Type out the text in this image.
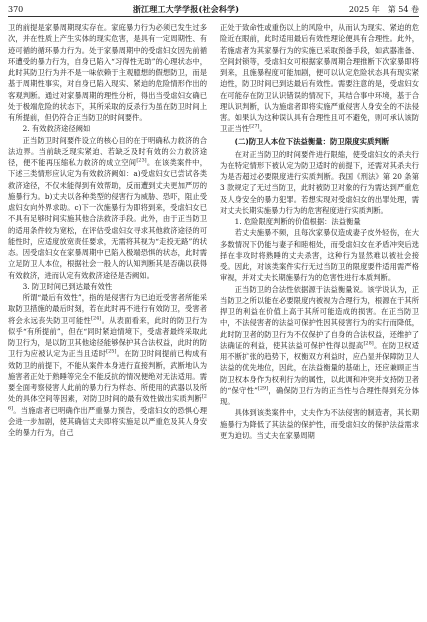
370	浙江理工大学学报(社会科学)	2025 年　第 54 卷

卫的前提是家暴周期现实存在。家庭暴力行为必须已发生过多次，并在性质上产生实体的现实危害，是具有一定周期性、有迹可循的循环暴力行为。处于家暴周期中的受虐妇女因先前循环遭受的暴力行为，自身已陷入“习得性无助”的心理状态中，此时其防卫行为并不是一味依赖于主观臆想的假想防卫，而是基于周期性事实，对自身已陷入现实、紧迫的危险情形作出的客观判断。通过对家暴周期的理性分析，得出当受虐妇女确已处于极端危险的状态下，其所采取的反杀行为虽在防卫时间上有所提前，但仍符合正当防卫的时间要件。

2. 有效救济途径阙如

正当防卫时间要件设立的核心目的在于明确私力救济的合法边界。当前缺乏现实紧迫、若缺乏及时有效的公力救济途径，便不能再压缩私力救济的成立空间[23]。在该类案件中，下述三类情形应认定为有效救济阙如：a)受虐妇女已尝试各类救济途径，不仅未能得到有效帮助，反而遭到丈夫更加严厉的施暴行为。b)丈夫以各种类型的侵害行为威胁、恐吓，阻止受虐妇女向外界求助。c)下一次施暴行为即将到来，受虐妇女已不具有足够时间实施其他合法救济手段。此外，由于正当防卫的适用条件较为宽松，在评估受虐妇女寻求其他救济途径的可能性时，应适度放宽责任要求，无需将其视为“走投无路”的状态。因受虐妇女在家暴周期中已陷入极端恐惧的状态，此时需立足防卫人本位，根据社会一般人的认知判断其是否确以获得有效救济，进而认定有效救济途径是否阙如。

3. 防卫时间已到达最有效性

所谓“最后有效性”，指的是侵害行为已迫近受害者所能采取防卫措施的最后时刻，若在此时再不进行有效防卫，受害者将会永远丧失防卫可能性[24]。从表面看来，此时的防卫行为似乎“有所提前”，但在“同时紧迫情境下，受虐者最终采取此防卫行为，是以防卫其他途径能够保护其合法权益，此时的防卫行为应被认定为正当且适时[25]。在防卫时间提前已构成有效防卫的前提下，不能从案件本身进行直接判断，武断地认为施害者正处于熟睡等完全不能反抗的情况便绝对无法适用。需要全面考察侵害人此前的暴力行为样态、所使用的武器以及所处的具体空间等因素，对防卫时间的最有效性做出实质判断[26]。当施虐者已明确作出严重暴力预告，受虐妇女的恐惧心理会进一步加剧，使其确信丈夫即将实施足以严重危及其人身安全的暴力行为，自己

正处于致命性或重伤以上的风险中，从而认为现实、紧迫的危险近在眼前，此时适用最后有效性理论便具有合理性。此外，若施虐者为其家暴行为的实施已采取预备手段，如武器准备、空间封锁等，受虐妇女可根据家暴周期合理推断下次家暴即将到来，且施暴程度可能加剧，便可以认定危险状态具有现实紧迫性，防卫时间已到达最后有效性。需要注意的是，受虐妇女在可能存在防卫认识错误的情况下，其结合事中环境，基于合理认识判断，认为施虐者即将实施严重侵害人身安全的不法侵害。如果认为这种误认具有合理性且可不避免，则可承认该防卫正当性[27]。

(二)防卫人本位下法益衡量：防卫限度实质判断

在对正当防卫的时间要件进行限缩，使受虐妇女的杀夫行为在特定情形下被认定为防卫适时的前提下，还需对其杀夫行为是否超过必要限度进行实质判断。我国《刑法》第 20 条第 3 款规定了无过当防卫，此时被防卫对象的行为需达到严重危及人身安全的暴力犯罪。若想实现对受虐妇女的出罪处理，需对丈夫长期实施暴力行为的危害程度进行实质判断。

1. 危险限度判断的价值根据：法益衡量

若丈夫施暴不频，且每次家暴仅造成妻子皮外轻伤，在大多数情况下仍能与妻子和睦相处，而受虐妇女在矛盾冲突后选择在非攻时将熟睡的丈夫杀害，这种行为显然难以被社会接受。因此，对该类案件实行无过当防卫的限度要件适用需严格审视，并对丈夫长期施暴行为的危害性进行本质判断。

正当防卫的合法性依据源于法益衡量说。该学说认为，正当防卫之所以能在必要限度内被视为合理行为，根源在于其所捍卫的利益在价值上高于其所可能造成的损害。在正当防卫中，不法侵害者的法益可保护性因其侵害行为的实行而降低，此时防卫者的防卫行为不仅保护了自身的合法权益，还维护了法确证的利益，使其法益可保护性得以提高[28]。在防卫权适用不断扩张的趋势下，权衡双方利益时，应凸显并保障防卫人法益的优先地位，因此，在法益衡量的基础上，还应兼顾正当防卫权本身作为权利行为的属性，以此调和冲突并支持防卫者的“保守性”[29]，确保防卫行为的正当性与合理性得到充分体现。

具体到该类案件中，丈夫作为不法侵害的制造者，其长期施暴行为降低了其法益的保护性，而受虐妇女的保护法益需求更为迫切。当丈夫在家暴周期
